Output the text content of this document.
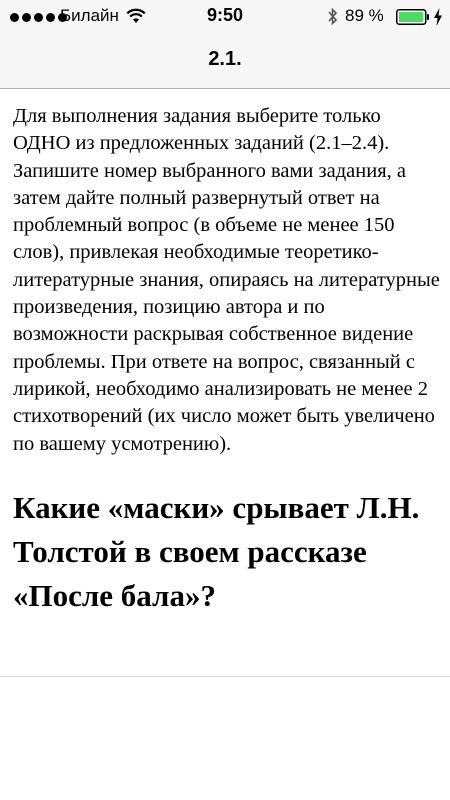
Билайн	9:50	89 %
2.1.

Для выполнения задания выберите только ОДНО из предложенных заданий (2.1–2.4). Запишите номер выбранного вами задания, а затем дайте полный развернутый ответ на проблемный вопрос (в объеме не менее 150 слов), привлекая необходимые теоретико-литературные знания, опираясь на литературные произведения, позицию автора и по возможности раскрывая собственное видение проблемы. При ответе на вопрос, связанный с лирикой, необходимо анализировать не менее 2 стихотворений (их число может быть увеличено по вашему усмотрению).

Какие «маски» срывает Л.Н. Толстой в своем рассказе «После бала»?
